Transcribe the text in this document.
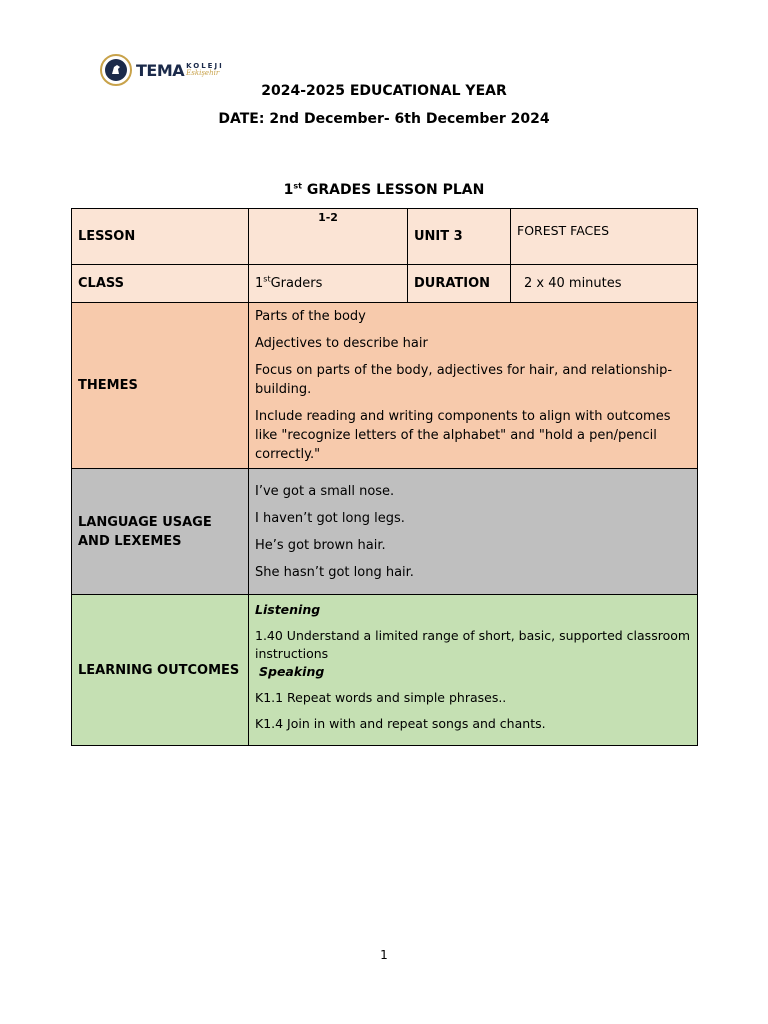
TEMA KOLEJI
Eskişehir
2024-2025 EDUCATIONAL YEAR
DATE: 2nd December- 6th December 2024
1st GRADES LESSON PLAN
LESSON	1-2	UNIT 3	FOREST FACES
CLASS	1stGraders	DURATION	2 x 40 minutes
THEMES	Parts of the body

Adjectives to describe hair

Focus on parts of the body, adjectives for hair, and relationship-building.

Include reading and writing components to align with outcomes like "recognize letters of the alphabet" and "hold a pen/pencil correctly."		

LANGUAGE USAGE AND LEXEMES	I’ve got a small nose.

I haven’t got long legs.

He’s got brown hair.

She hasn’t got long hair.		

LEARNING OUTCOMES	Listening

1.40 Understand a limited range of short, basic, supported classroom instructions

Speaking

K1.1 Repeat words and simple phrases..

K1.4 Join in with and repeat songs and chants.		

1
